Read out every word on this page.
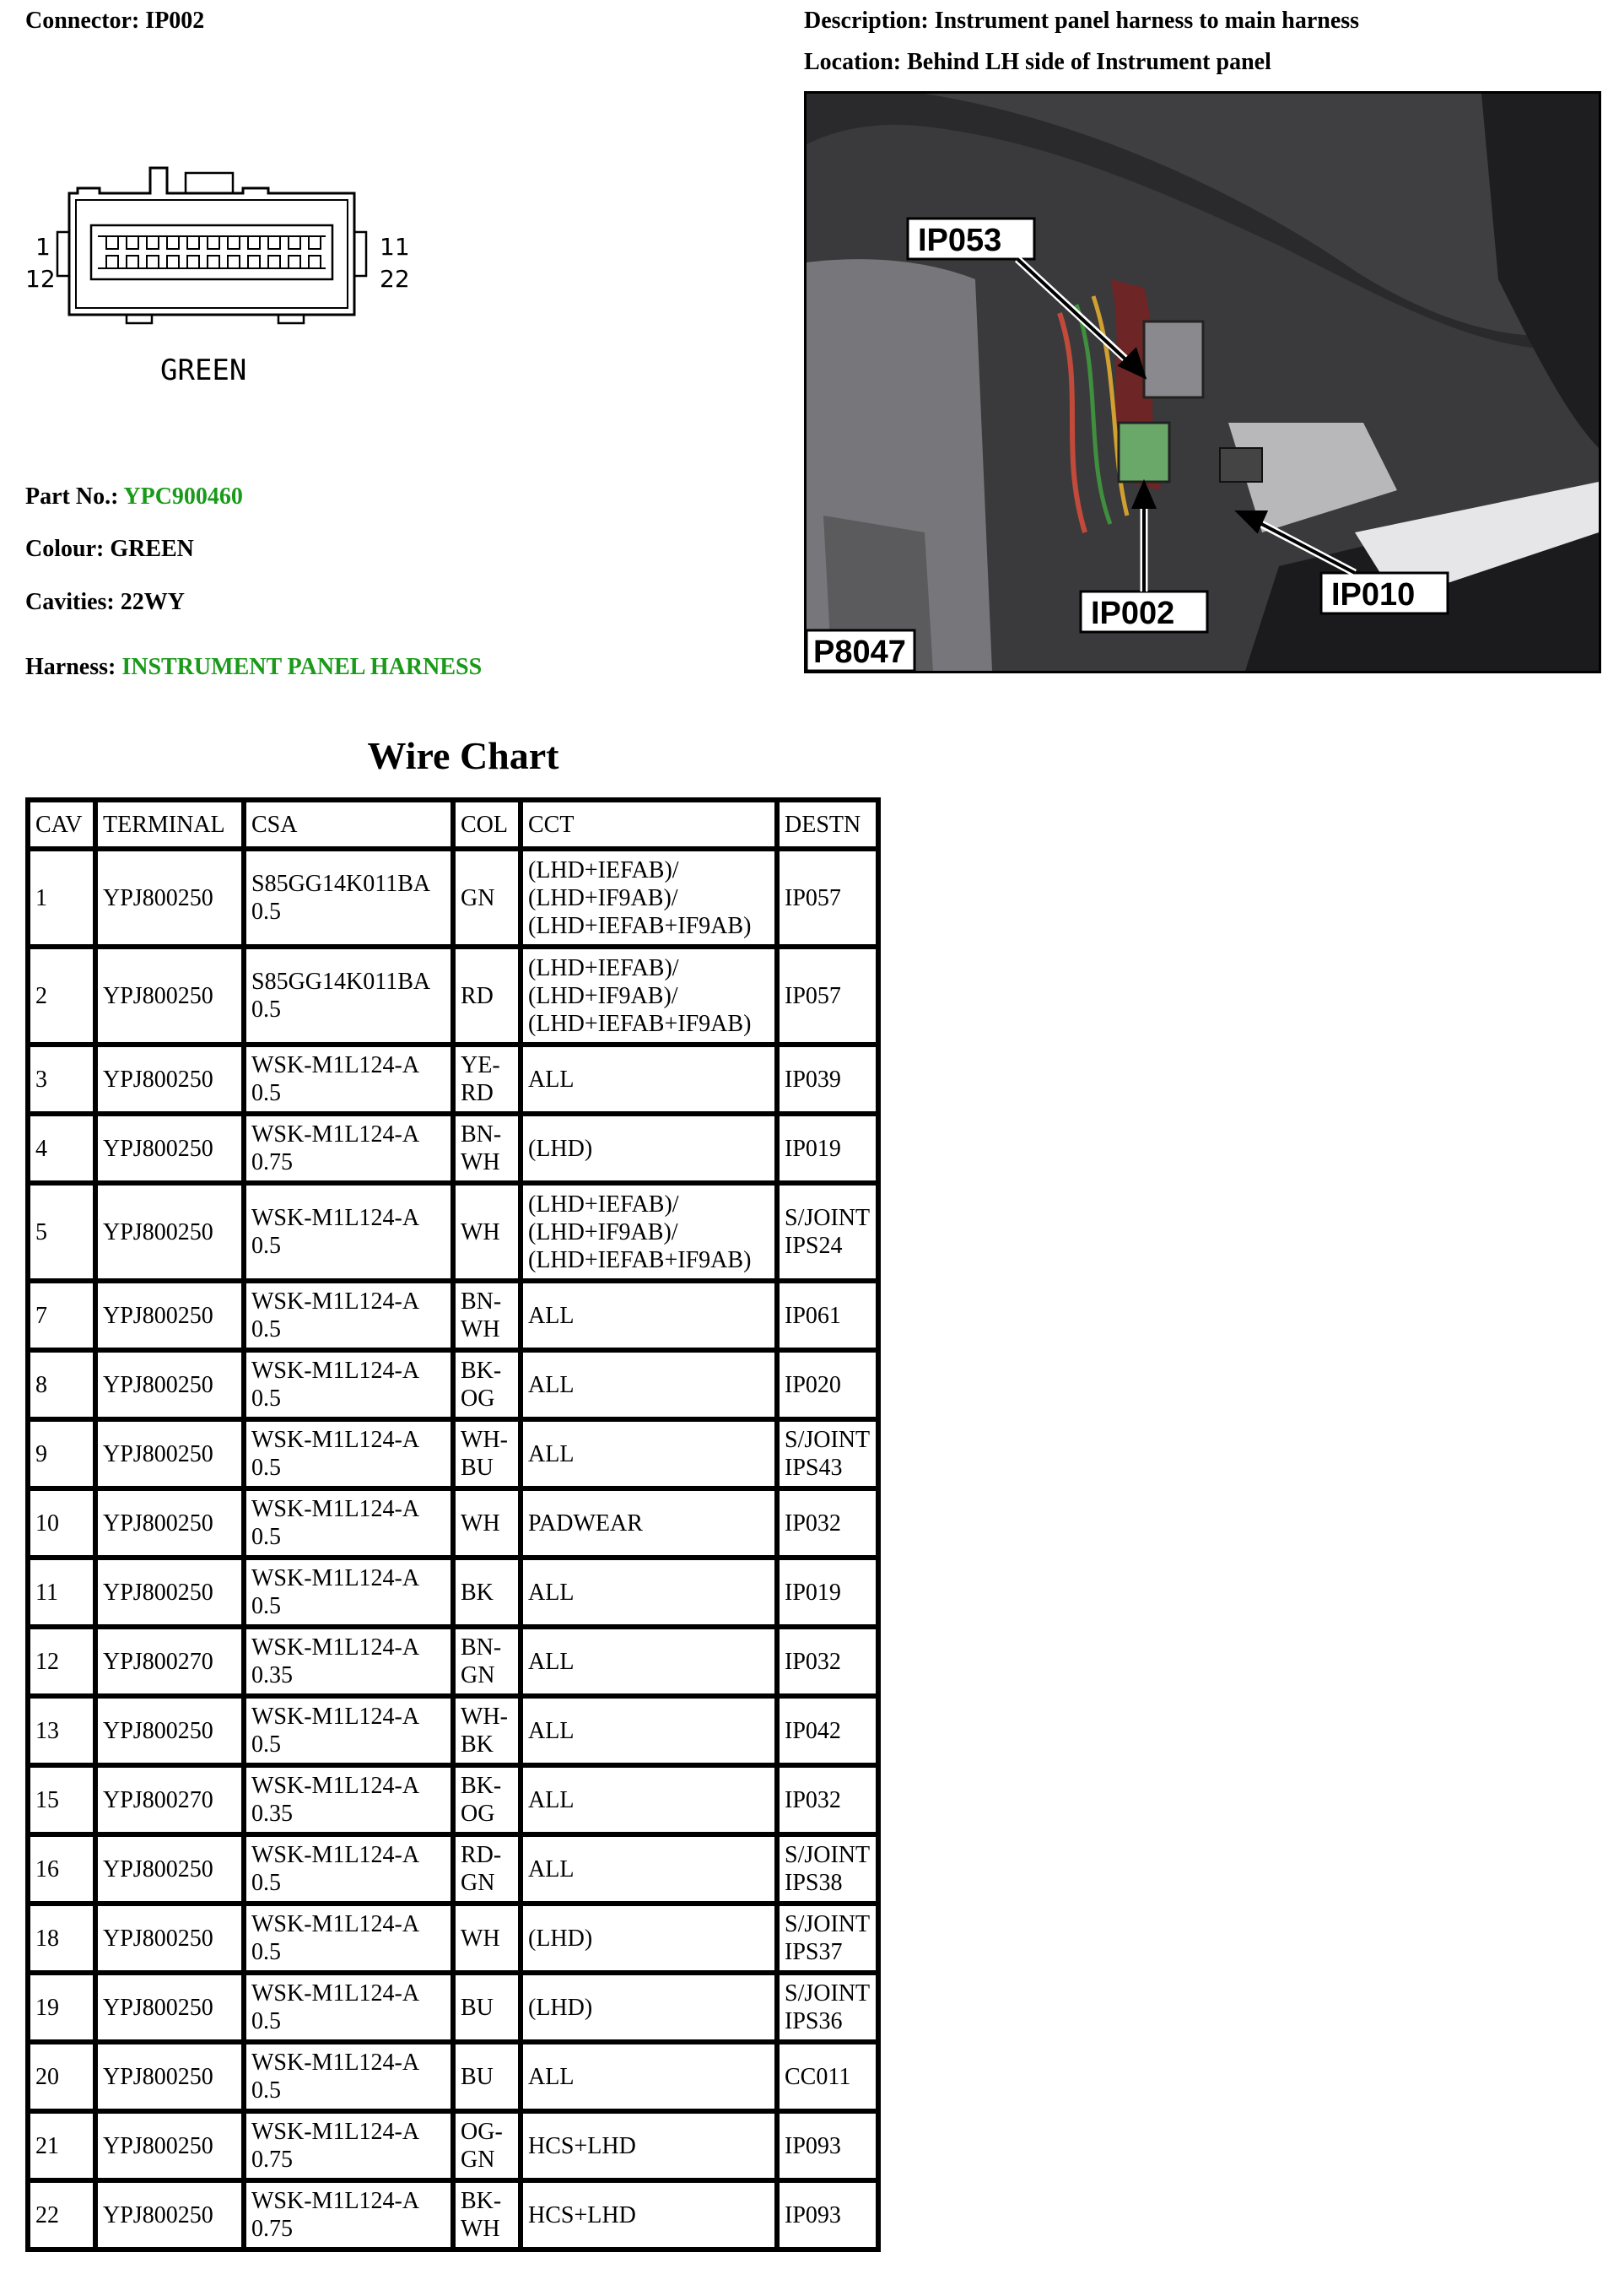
Connector: IP002	Description: Instrument panel harness to main harness
Location: Behind LH side of Instrument panel
1
12
11
22
GREEN
Part No.: YPC900460
Colour: GREEN
Cavities: 22WY
Harness: INSTRUMENT PANEL HARNESS
IP053
IP002
IP010
P8047
Wire Chart
CAV	TERMINAL	CSA	COL	CCT	DESTN
1	YPJ800250	S85GG14K011BA
0.5	GN	(LHD+IEFAB)/
(LHD+IF9AB)/
(LHD+IEFAB+IF9AB)	IP057
2	YPJ800250	S85GG14K011BA
0.5	RD	(LHD+IEFAB)/
(LHD+IF9AB)/
(LHD+IEFAB+IF9AB)	IP057
3	YPJ800250	WSK-M1L124-A
0.5	YE-
RD	ALL	IP039
4	YPJ800250	WSK-M1L124-A
0.75	BN-
WH	(LHD)	IP019
5	YPJ800250	WSK-M1L124-A
0.5	WH	(LHD+IEFAB)/
(LHD+IF9AB)/
(LHD+IEFAB+IF9AB)	S/JOINT
IPS24
7	YPJ800250	WSK-M1L124-A
0.5	BN-
WH	ALL	IP061
8	YPJ800250	WSK-M1L124-A
0.5	BK-
OG	ALL	IP020
9	YPJ800250	WSK-M1L124-A
0.5	WH-
BU	ALL	S/JOINT
IPS43
10	YPJ800250	WSK-M1L124-A
0.5	WH	PADWEAR	IP032
11	YPJ800250	WSK-M1L124-A
0.5	BK	ALL	IP019
12	YPJ800270	WSK-M1L124-A
0.35	BN-
GN	ALL	IP032
13	YPJ800250	WSK-M1L124-A
0.5	WH-
BK	ALL	IP042
15	YPJ800270	WSK-M1L124-A
0.35	BK-
OG	ALL	IP032
16	YPJ800250	WSK-M1L124-A
0.5	RD-
GN	ALL	S/JOINT
IPS38
18	YPJ800250	WSK-M1L124-A
0.5	WH	(LHD)	S/JOINT
IPS37
19	YPJ800250	WSK-M1L124-A
0.5	BU	(LHD)	S/JOINT
IPS36
20	YPJ800250	WSK-M1L124-A
0.5	BU	ALL	CC011
21	YPJ800250	WSK-M1L124-A
0.75	OG-
GN	HCS+LHD	IP093
22	YPJ800250	WSK-M1L124-A
0.75	BK-
WH	HCS+LHD	IP093
